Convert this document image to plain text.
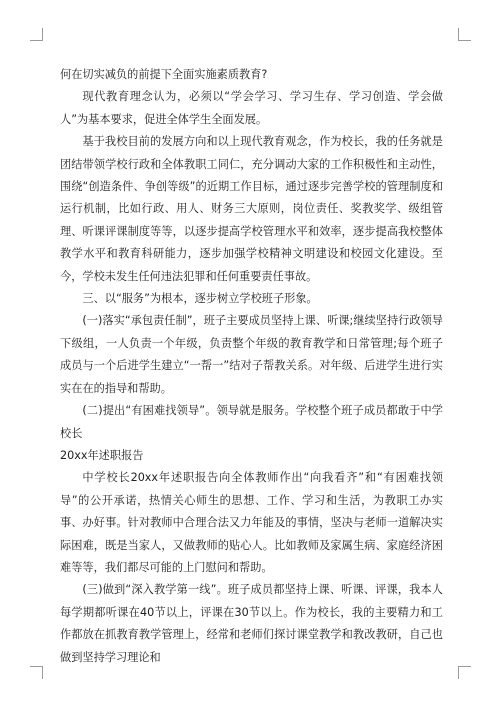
何在切实减负的前提下全面实施素质教育?

现代教育理念认为，必须以“学会学习、学习生存、学习创造、学会做人”为基本要求，促进全体学生全面发展。

基于我校目前的发展方向和以上现代教育观念，作为校长，我的任务就是团结带领学校行政和全体教职工同仁，充分调动大家的工作积极性和主动性，围绕“创造条件、争创等级”的近期工作目标，通过逐步完善学校的管理制度和运行机制，比如行政、用人、财务三大原则，岗位责任、奖教奖学、级组管理、听课评课制度等等，以逐步提高学校管理水平和效率，逐步提高我校整体教学水平和教育科研能力，逐步加强学校精神文明建设和校园文化建设。至今，学校未发生任何违法犯罪和任何重要责任事故。

三、以“服务”为根本，逐步树立学校班子形象。

(一)落实“承包责任制”，班子主要成员坚持上课、听课;继续坚持行政领导下级组，一人负责一个年级，负责整个年级的教育教学和日常管理;每个班子成员与一个后进学生建立“一帮一”结对子帮教关系。对年级、后进学生进行实实在在的指导和帮助。

(二)提出“有困难找领导”。领导就是服务。学校整个班子成员都敢于中学校长

20xx年述职报告

中学校长20xx年述职报告向全体教师作出“向我看齐”和“有困难找领导”的公开承诺，热情关心师生的思想、工作、学习和生活，为教职工办实事、办好事。针对教师中合理合法又力年能及的事情，坚决与老师一道解决实际困难，既是当家人，又做教师的贴心人。比如教师及家属生病、家庭经济困难等等，我们都尽可能的上门慰问和帮助。

(三)做到“深入教学第一线”。班子成员都坚持上课、听课、评课，我本人每学期都听课在40节以上，评课在30节以上。作为校长，我的主要精力和工作都放在抓教育教学管理上，经常和老师们探讨课堂教学和教改教研，自己也做到坚持学习理论和
